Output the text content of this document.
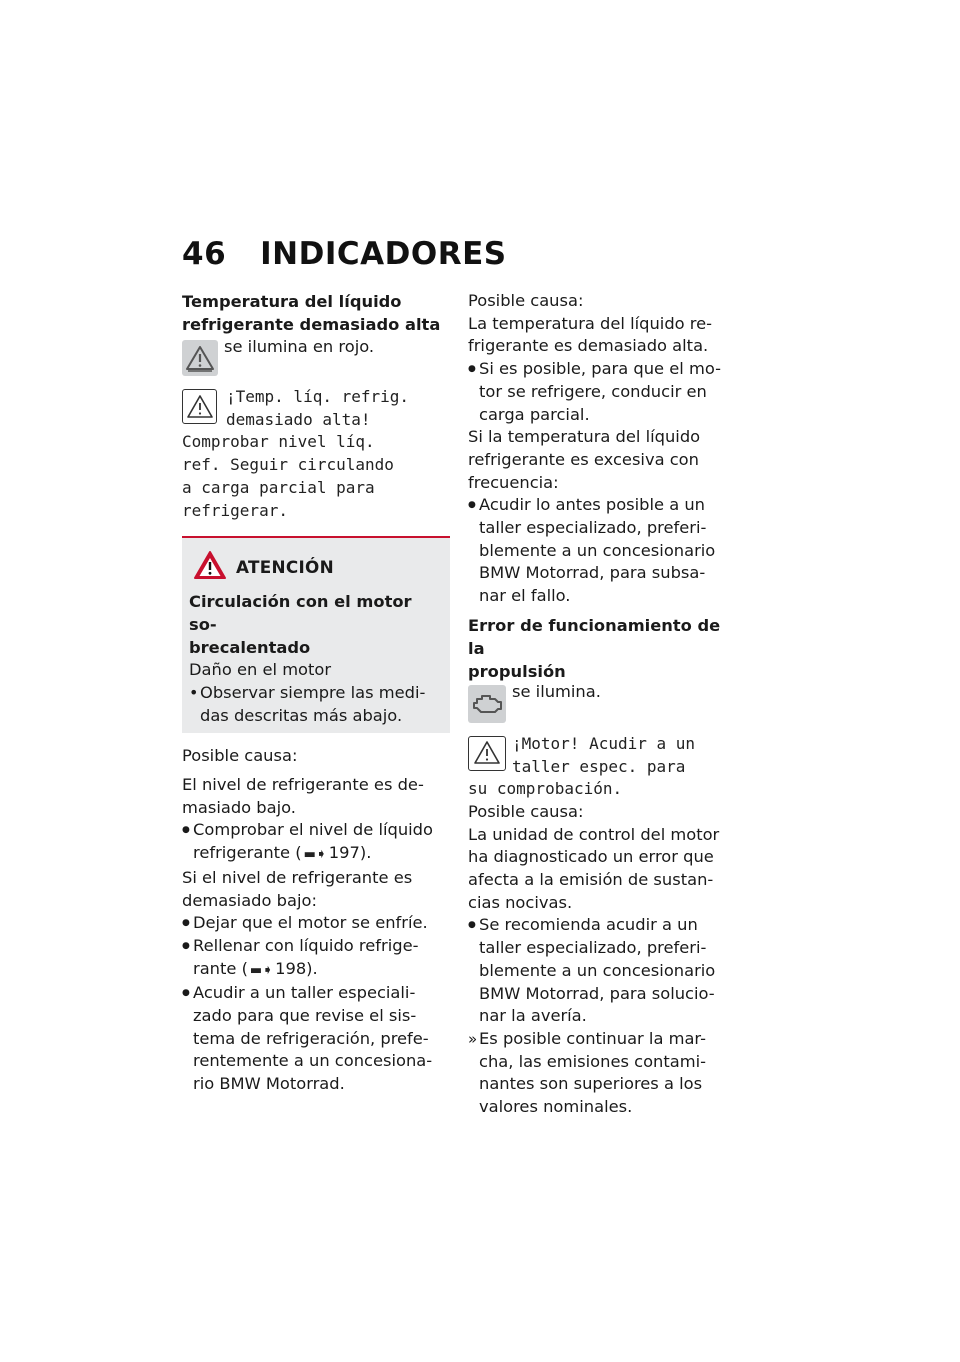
46 INDICADORES
Temperatura del líquido
refrigerante demasiado alta
se ilumina en rojo.
¡Temp. líq. refrig.
demasiado alta!
Comprobar nivel líq.
ref. Seguir circulando
a carga parcial para
refrigerar.
ATENCIÓN
Circulación con el motor so-
brecalentado
Daño en el motor
• Observar siempre las medi-
das descritas más abajo.
Posible causa:
El nivel de refrigerante es de-
masiado bajo.
● Comprobar el nivel de líquido
refrigerante ( ▬➧ 197).
Si el nivel de refrigerante es
demasiado bajo:
● Dejar que el motor se enfríe.
● Rellenar con líquido refrige-
rante ( ▬➧ 198).
● Acudir a un taller especiali-
zado para que revise el sis-
tema de refrigeración, prefe-
rentemente a un concesiona-
rio BMW Motorrad.
Posible causa:
La temperatura del líquido re-
frigerante es demasiado alta.
● Si es posible, para que el mo-
tor se refrigere, conducir en
carga parcial.
Si la temperatura del líquido
refrigerante es excesiva con
frecuencia:
● Acudir lo antes posible a un
taller especializado, preferi-
blemente a un concesionario
BMW Motorrad, para subsa-
nar el fallo.
Error de funcionamiento de la
propulsión
se ilumina.
¡Motor! Acudir a un
taller espec. para
su comprobación.
Posible causa:
La unidad de control del motor
ha diagnosticado un error que
afecta a la emisión de sustan-
cias nocivas.
● Se recomienda acudir a un
taller especializado, preferi-
blemente a un concesionario
BMW Motorrad, para solucio-
nar la avería.
» Es posible continuar la mar-
cha, las emisiones contami-
nantes son superiores a los
valores nominales.
